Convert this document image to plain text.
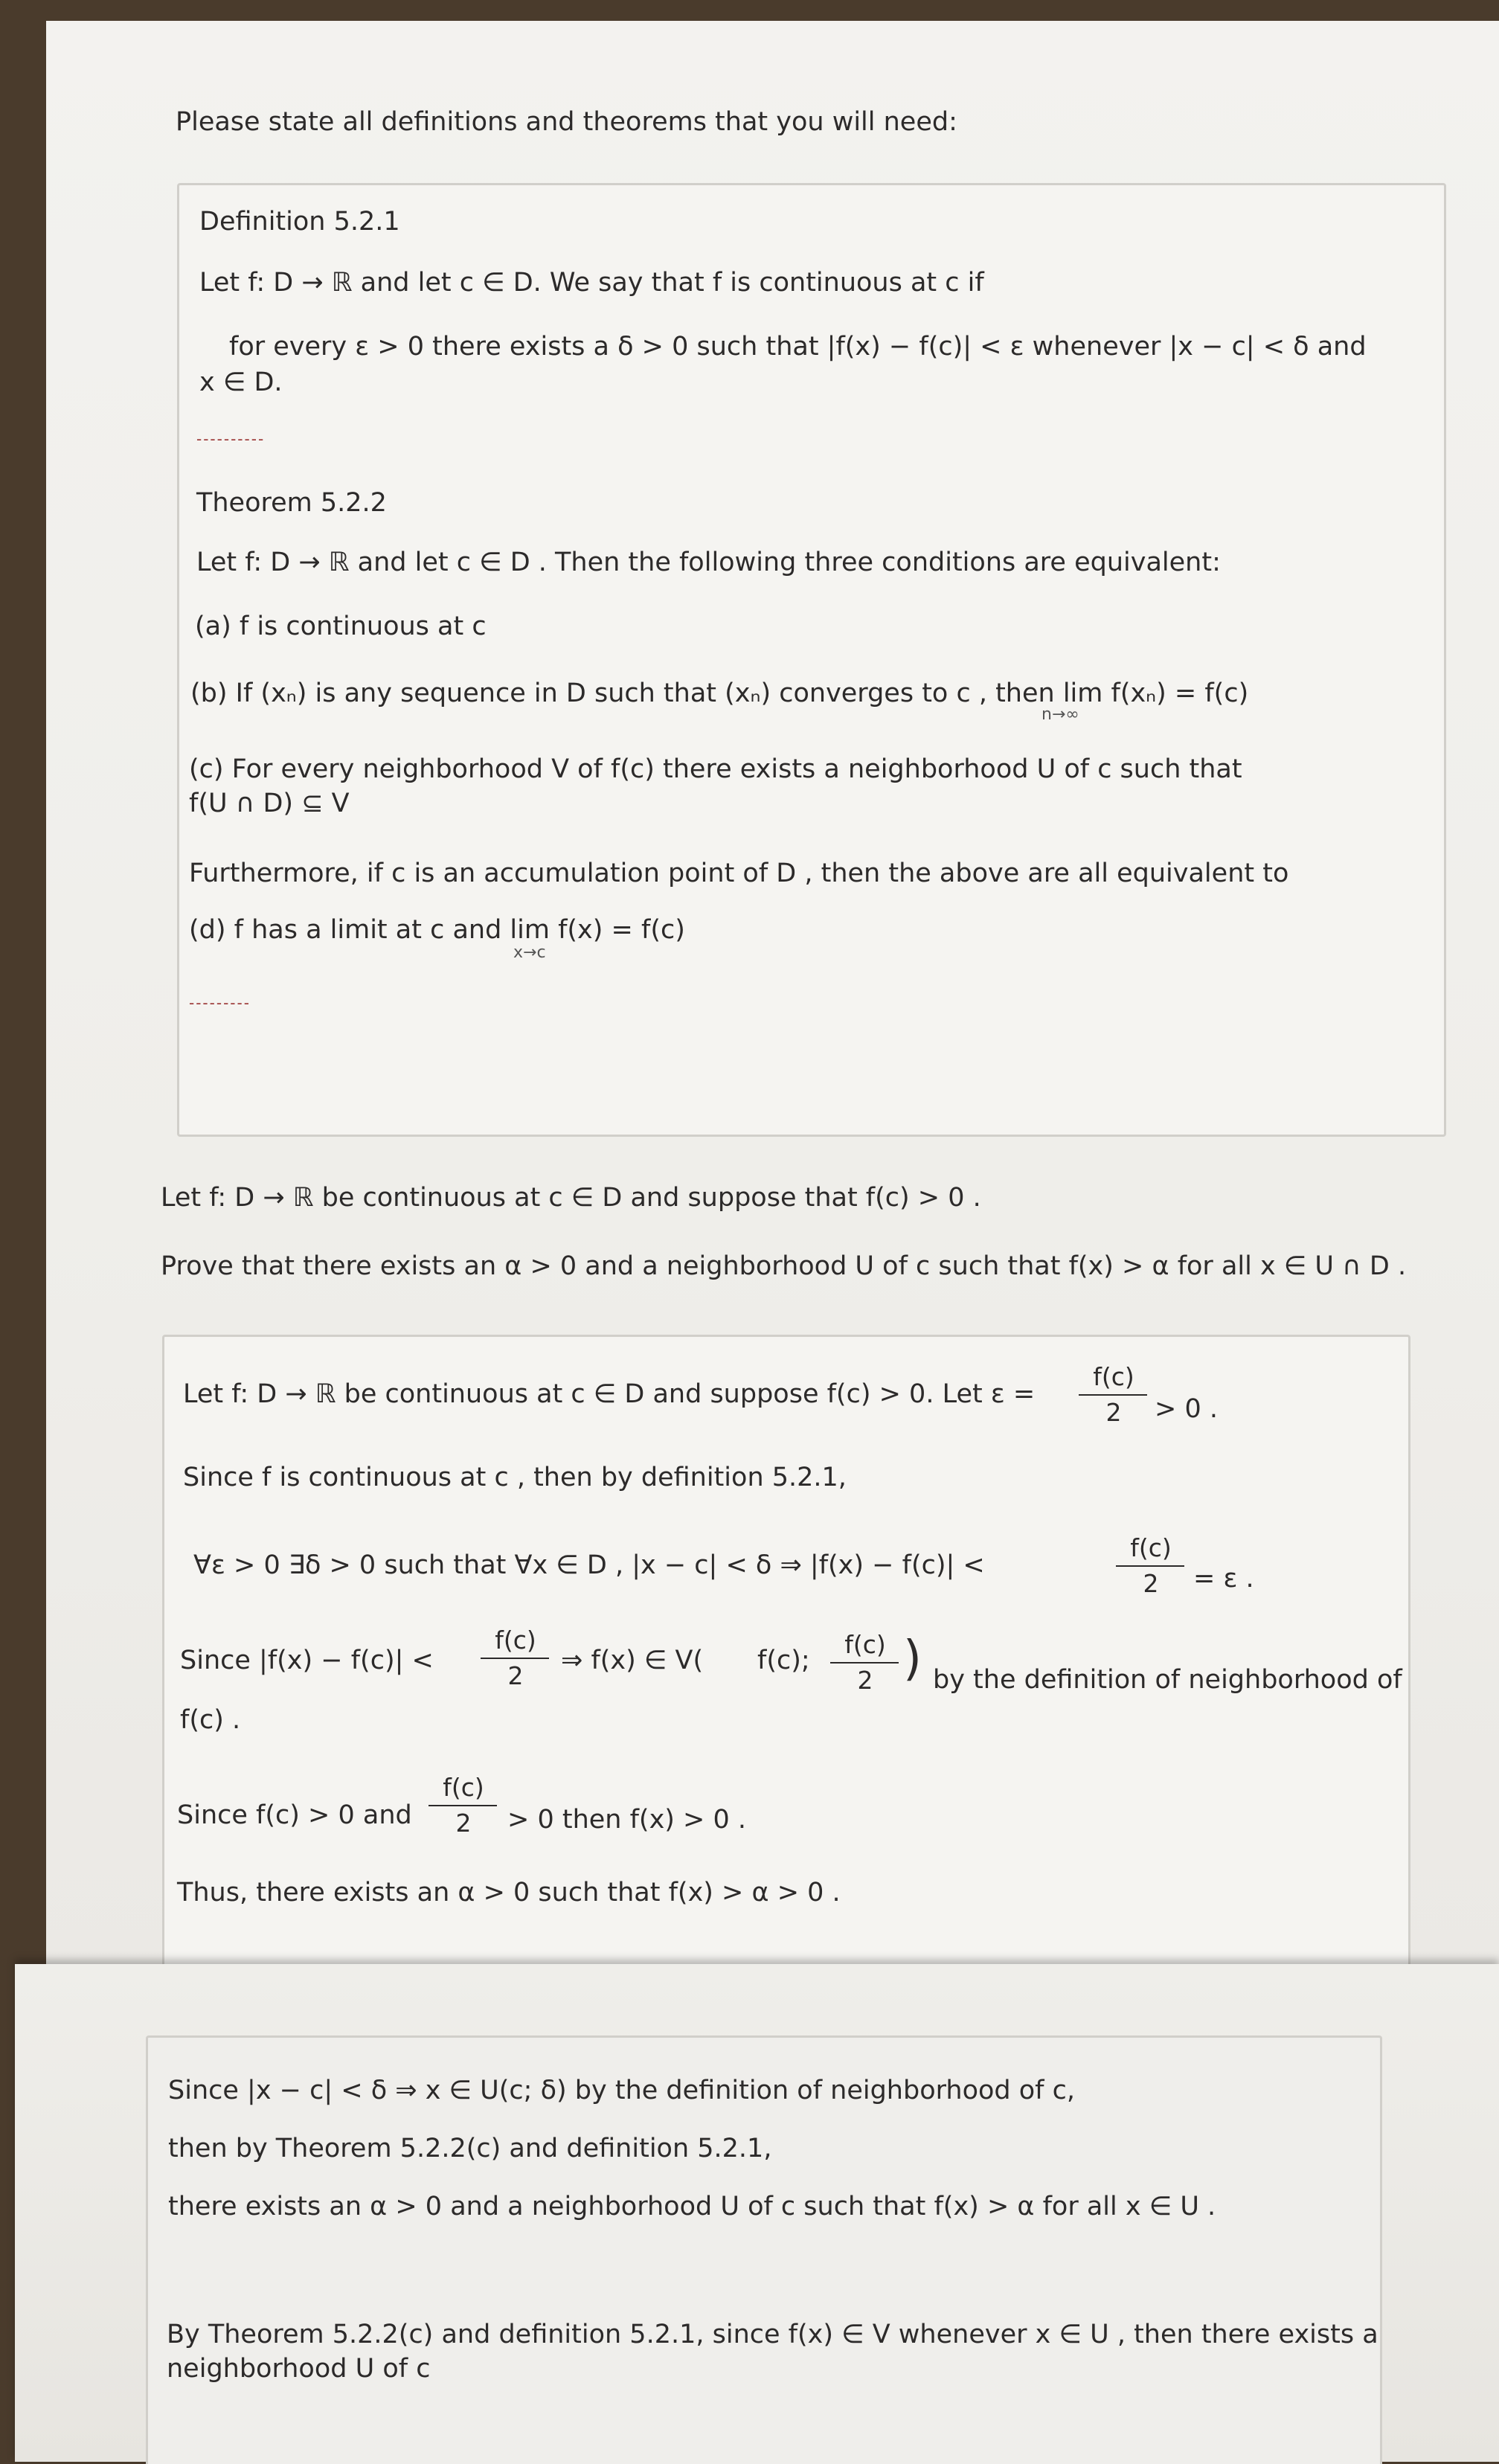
Please state all definitions and theorems that you will need:
Definition 5.2.1
Let f: D → ℝ and let c ∈ D. We say that f is continuous at c if
for every ε > 0 there exists a δ > 0 such that |f(x) − f(c)| < ε whenever |x − c| < δ and
x ∈ D.
----------
Theorem 5.2.2
Let f: D → ℝ and let c ∈ D . Then the following three conditions are equivalent:
(a) f is continuous at c
(b) If (xₙ) is any sequence in D such that (xₙ) converges to c , then lim f(xₙ) = f(c)
n→∞
(c) For every neighborhood V of f(c) there exists a neighborhood U of c such that
f(U ∩ D) ⊆ V
Furthermore, if c is an accumulation point of D , then the above are all equivalent to
(d) f has a limit at c and lim f(x) = f(c)
x→c
---------
Let f: D → ℝ be continuous at c ∈ D and suppose that f(c) > 0 .
Prove that there exists an α > 0 and a neighborhood U of c such that f(x) > α for all x ∈ U ∩ D .
Let f: D → ℝ be continuous at c ∈ D and suppose f(c) > 0. Let ε =
f(c)
2	> 0 .
Since f is continuous at c , then by definition 5.2.1,
∀ε > 0 ∃δ > 0 such that ∀x ∈ D , |x − c| < δ ⇒ |f(x) − f(c)| <
f(c)
2	= ε .
Since |f(x) − f(c)| <
f(c)
2
⇒ f(x) ∈ V( f(c);
f(c)
2 ) by the definition of neighborhood of
f(c) .
Since f(c) > 0 and
f(c)
2	> 0 then f(x) > 0 .
Thus, there exists an α > 0 such that f(x) > α > 0 .
Since |x − c| < δ ⇒ x ∈ U(c; δ) by the definition of neighborhood of c,
then by Theorem 5.2.2(c) and definition 5.2.1,
there exists an α > 0 and a neighborhood U of c such that f(x) > α for all x ∈ U .
By Theorem 5.2.2(c) and definition 5.2.1, since f(x) ∈ V whenever x ∈ U , then there exists a
neighborhood U of c
